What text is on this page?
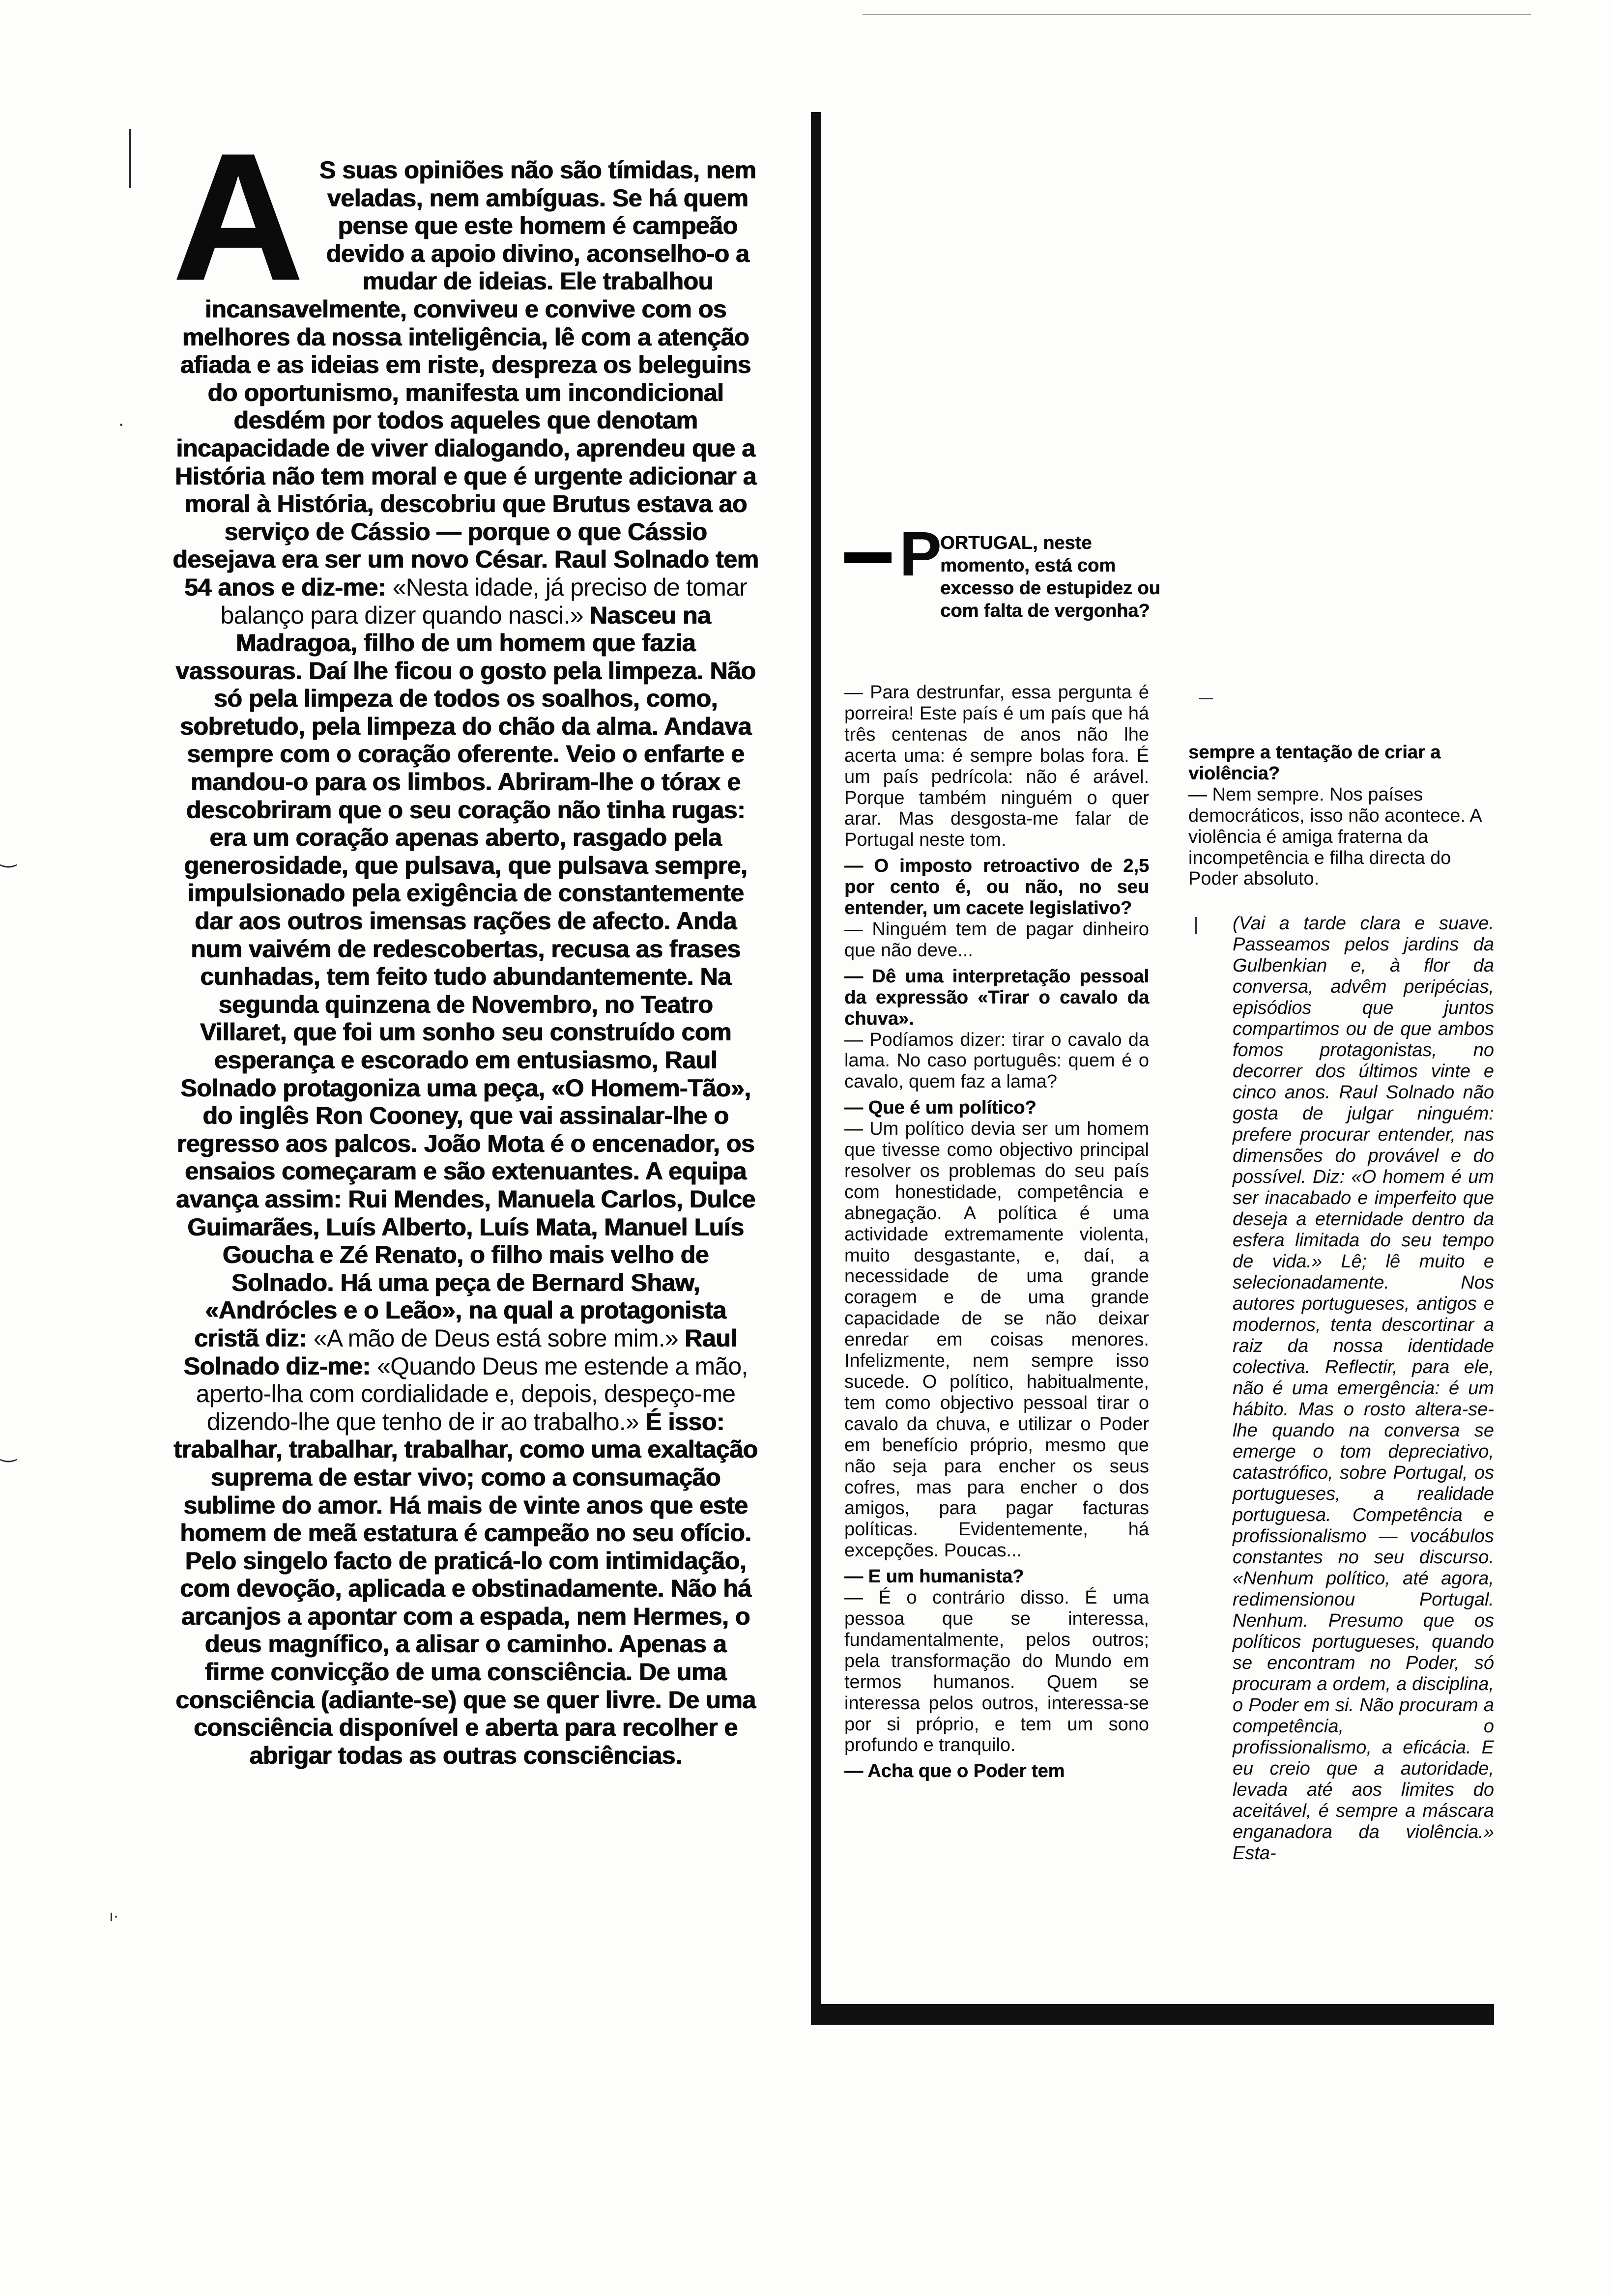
‿
‿
·
ı·
A S suas opiniões não são tímidas, nem veladas, nem ambíguas. Se há quem pense que este homem é campeão devido a apoio divino, aconselho-o a mudar de ideias. Ele trabalhou incansavelmente, conviveu e convive com os melhores da nossa inteligência, lê com a atenção afiada e as ideias em riste, despreza os beleguins do oportunismo, manifesta um incondicional desdém por todos aqueles que denotam incapacidade de viver dialogando, aprendeu que a História não tem moral e que é urgente adicionar a moral à História, descobriu que Brutus estava ao serviço de Cássio — porque o que Cássio desejava era ser um novo César. Raul Solnado tem 54 anos e diz-me: «Nesta idade, já preciso de tomar balanço para dizer quando nasci.» Nasceu na Madragoa, filho de um homem que fazia vassouras. Daí lhe ficou o gosto pela limpeza. Não só pela limpeza de todos os soalhos, como, sobretudo, pela limpeza do chão da alma. Andava sempre com o coração oferente. Veio o enfarte e mandou-o para os limbos. Abriram-lhe o tórax e descobriram que o seu coração não tinha rugas: era um coração apenas aberto, rasgado pela generosidade, que pulsava, que pulsava sempre, impulsionado pela exigência de constantemente dar aos outros imensas rações de afecto. Anda num vaivém de redescobertas, recusa as frases cunhadas, tem feito tudo abundantemente. Na segunda quinzena de Novembro, no Teatro Villaret, que foi um sonho seu construído com esperança e escorado em entusiasmo, Raul Solnado protagoniza uma peça, «O Homem-Tão», do inglês Ron Cooney, que vai assinalar-lhe o regresso aos palcos. João Mota é o encenador, os ensaios começaram e são extenuantes. A equipa avança assim: Rui Mendes, Manuela Carlos, Dulce Guimarães, Luís Alberto, Luís Mata, Manuel Luís Goucha e Zé Renato, o filho mais velho de Solnado. Há uma peça de Bernard Shaw, «Andrócles e o Leão», na qual a protagonista cristã diz: «A mão de Deus está sobre mim.» Raul Solnado diz-me: «Quando Deus me estende a mão, aperto-lha com cordialidade e, depois, despeço-me dizendo-lhe que tenho de ir ao trabalho.» É isso: trabalhar, trabalhar, trabalhar, como uma exaltação suprema de estar vivo; como a consumação sublime do amor. Há mais de vinte anos que este homem de meã estatura é campeão no seu ofício. Pelo singelo facto de praticá-lo com intimidação, com devoção, aplicada e obstinadamente. Não há arcanjos a apontar com a espada, nem Hermes, o deus magnífico, a alisar o caminho. Apenas a firme convicção de uma consciência. De uma consciência (adiante-se) que se quer livre. De uma consciência disponível e aberta para recolher e abrigar todas as outras consciências.
P
ORTUGAL, neste momento, está com excesso de estupidez ou com falta de vergonha?

— Para destrunfar, essa pergunta é porreira! Este país é um país que há três centenas de anos não lhe acerta uma: é sempre bolas fora. É um país pedrícola: não é arável. Porque também ninguém o quer arar. Mas desgosta-me falar de Portugal neste tom.

— O imposto retroactivo de 2,5 por cento é, ou não, no seu entender, um cacete legislativo?

— Ninguém tem de pagar dinheiro que não deve...

— Dê uma interpretação pessoal da expressão «Tirar o cavalo da chuva».

— Podíamos dizer: tirar o cavalo da lama. No caso português: quem é o cavalo, quem faz a lama?

— Que é um político?

— Um político devia ser um homem que tivesse como objectivo principal resolver os problemas do seu país com honestidade, competência e abnegação. A política é uma actividade extremamente violenta, muito desgastante, e, daí, a necessidade de uma grande coragem e de uma grande capacidade de se não deixar enredar em coisas menores. Infelizmente, nem sempre isso sucede. O político, habitualmente, tem como objectivo pessoal tirar o cavalo da chuva, e utilizar o Poder em benefício próprio, mesmo que não seja para encher os seus cofres, mas para encher o dos amigos, para pagar facturas políticas. Evidentemente, há excepções. Poucas...

— E um humanista?

— É o contrário disso. É uma pessoa que se interessa, fundamentalmente, pelos outros; pela transformação do Mundo em termos humanos. Quem se interessa pelos outros, interessa-se por si próprio, e tem um sono profundo e tranquilo.

— Acha que o Poder tem

sempre a tentação de criar a violência?

— Nem sempre. Nos países democráticos, isso não acontece. A violência é amiga fraterna da incompetência e filha directa do Poder absoluto.

(Vai a tarde clara e suave. Passeamos pelos jardins da Gulbenkian e, à flor da conversa, advêm peripécias, episódios que juntos compartimos ou de que ambos fomos protagonistas, no decorrer dos últimos vinte e cinco anos. Raul Solnado não gosta de julgar ninguém: prefere procurar entender, nas dimensões do provável e do possível. Diz: «O homem é um ser inacabado e imperfeito que deseja a eternidade dentro da esfera limitada do seu tempo de vida.» Lê; lê muito e selecionadamente. Nos autores portugueses, antigos e modernos, tenta descortinar a raiz da nossa identidade colectiva. Reflectir, para ele, não é uma emergência: é um hábito. Mas o rosto altera-se-lhe quando na conversa se emerge o tom depreciativo, catastrófico, sobre Portugal, os portugueses, a realidade portuguesa. Competência e profissionalismo — vocábulos constantes no seu discurso. «Nenhum político, até agora, redimensionou Portugal. Nenhum. Presumo que os políticos portugueses, quando se encontram no Poder, só procuram a ordem, a disciplina, o Poder em si. Não procuram a competência, o profissionalismo, a eficácia. E eu creio que a autoridade, levada até aos limites do aceitável, é sempre a máscara enganadora da violência.» Esta-
